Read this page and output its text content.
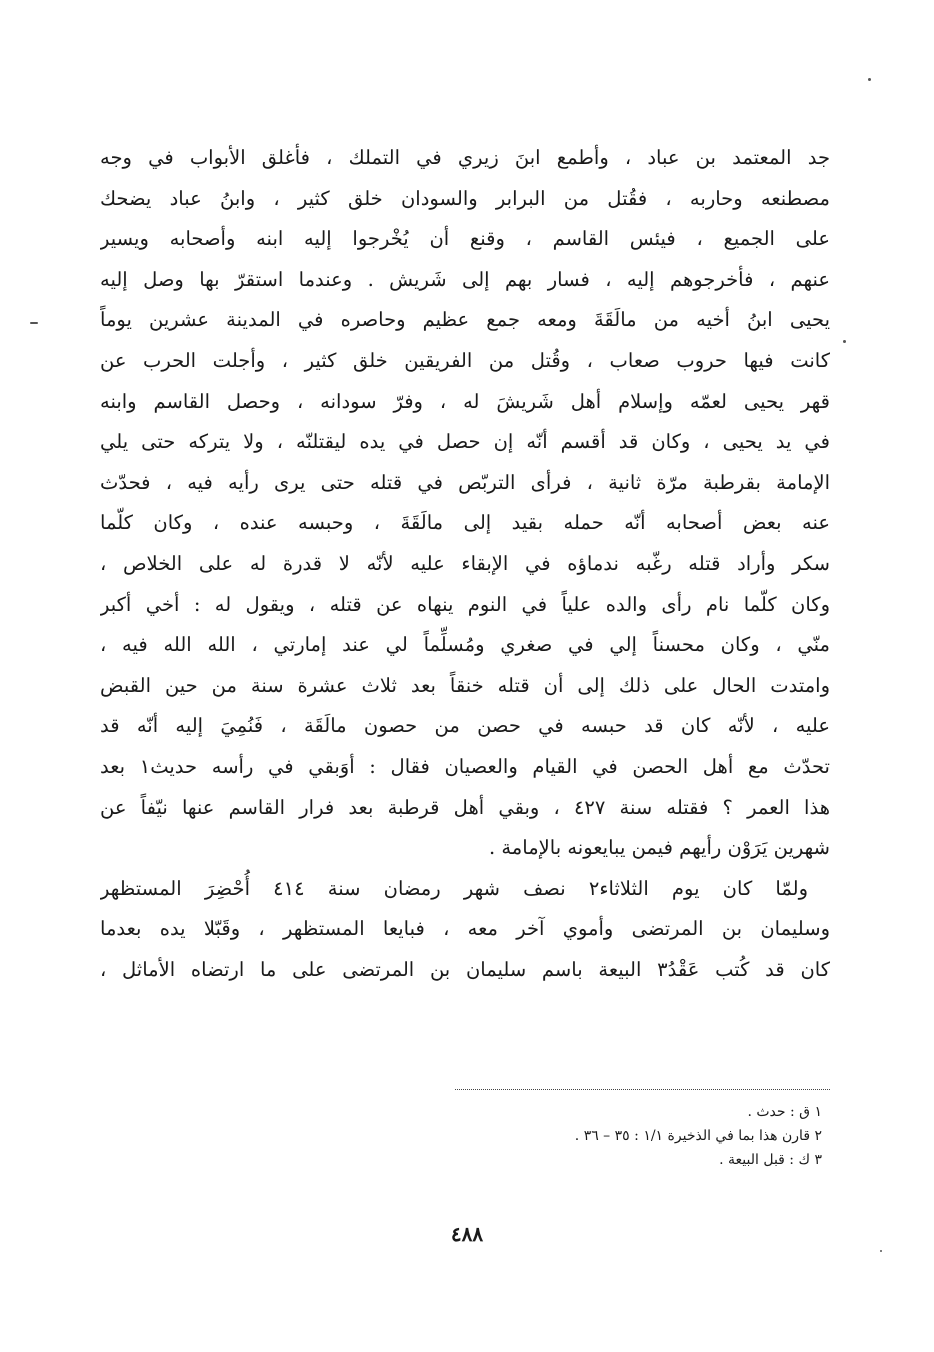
جد المعتمد بن عباد ، وأطمع ابنَ زيري في التملك ، فأغلق الأبواب في وجه
مصطنعه وحاربه ، فقُتل من البرابر والسودان خلق كثير ، وابنُ عباد يضحك
على الجميع ، فيئس القاسم ، وقنع أن يُخْرجوا إليه ابنه وأصحابه ويسير
عنهم ، فأخرجوهم إليه ، فسار بهم إلى شَريش . وعندما استقرّ بها وصل إليه
يحيى ابنُ أخيه من مالَقَةَ ومعه جمع عظيم وحاصره في المدينة عشرين يوماً
كانت فيها حروب صعاب ، وقُتل من الفريقين خلق كثير ، وأجلت الحرب عن
قهر يحيى لعمّه وإسلام أهل شَريشَ له ، وفرّ سودانه ، وحصل القاسم وابنه
في يد يحيى ، وكان قد أقسم أنّه إن حصل في يده ليقتلنّه ، ولا يتركه حتى يلي
الإمامة بقرطبة مرّة ثانية ، فرأى التربّص في قتله حتى يرى رأيه فيه ، فحدّث
عنه بعض أصحابه أنّه حمله بقيد إلى مالَقَةَ ، وحبسه عنده ، وكان كلّما
سكر وأراد قتله رغّبه ندماؤه في الإبقاء عليه لأنّه لا قدرة له على الخلاص ،
وكان كلّما نام رأى والده علياً في النوم ينهاه عن قتله ، ويقول له : أخي أكبر
منّي ، وكان محسناً إلي في صغري ومُسلِّماً لي عند إمارتي ، الله الله فيه ،
وامتدت الحال على ذلك إلى أن قتله خنقاً بعد ثلاث عشرة سنة من حين القبض
عليه ، لأنّه كان قد حبسه في حصن من حصون مالَقَة ، فَنُمِيَ إليه أنّه قد
تحدّث مع أهل الحصن في القيام والعصيان فقال : أوَبقي في رأسه حديث١ بعد
هذا العمر ؟ فقتله سنة ٤٢٧ ، وبقي أهل قرطبة بعد فرار القاسم عنها نيّفاً عن
شهرين يَرَوْن رأيهم فيمن يبايعونه بالإمامة .
ولمّا كان يوم الثلاثاء٢ نصف شهر رمضان سنة ٤١٤ أُحْضِرَ المستظهر
وسليمان بن المرتضى وأموي آخر معه ، فبايعا المستظهر ، وقَبّلا يده بعدما
كان قد كُتب عَقْدُ٣ البيعة باسم سليمان بن المرتضى على ما ارتضاه الأماثل ،
١ ق : حدث .
٢ قارن هذا بما في الذخيرة ١/١ : ٣٥ – ٣٦ .
٣ ك : قبل البيعة .
٤٨٨
